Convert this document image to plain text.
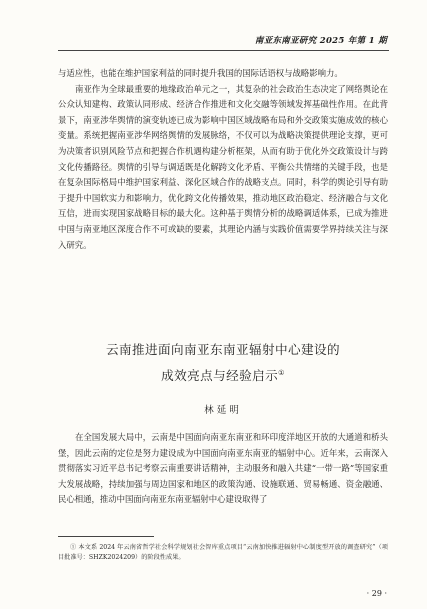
南亚东南亚研究 2025 年第 1 期

与适应性，也能在维护国家利益的同时提升我国的国际话语权与战略影响力。

南亚作为全球最重要的地缘政治单元之一，其复杂的社会政治生态决定了网络舆论在公众认知建构、政策认同形成、经济合作推进和文化交融等领域发挥基础性作用。在此背景下，南亚涉华舆情的演变轨迹已成为影响中国区域战略布局和外交政策实施成效的核心变量。系统把握南亚涉华网络舆情的发展脉络，不仅可以为战略决策提供理论支撑，更可为决策者识别风险节点和把握合作机遇构建分析框架，从而有助于优化外交政策设计与跨文化传播路径。舆情的引导与调适既是化解跨文化矛盾、平衡公共情绪的关键手段，也是在复杂国际格局中维护国家利益、深化区域合作的战略支点。同时，科学的舆论引导有助于提升中国软实力和影响力，优化跨文化传播效果，推动地区政治稳定、经济融合与文化互信，进而实现国家战略目标的最大化。这种基于舆情分析的战略调适体系，已成为推进中国与南亚地区深度合作不可或缺的要素，其理论内涵与实践价值需要学界持续关注与深入研究。

云南推进面向南亚东南亚辐射中心建设的
成效亮点与经验启示①
林延明

在全国发展大局中，云南是中国面向南亚东南亚和环印度洋地区开放的大通道和桥头堡，因此云南的定位是努力建设成为中国面向南亚东南亚的辐射中心。近年来，云南深入贯彻落实习近平总书记考察云南重要讲话精神，主动服务和融入共建“一带一路”等国家重大发展战略，持续加强与周边国家和地区的政策沟通、设施联通、贸易畅通、资金融通、民心相通，推动中国面向南亚东南亚辐射中心建设取得了

① 本文系 2024 年云南省哲学社会科学规划社会智库重点项目“云南加快推进辐射中心制度型开放的调查研究”（项目批准号：SHZK2024209）的阶段性成果。
· 29 ·
